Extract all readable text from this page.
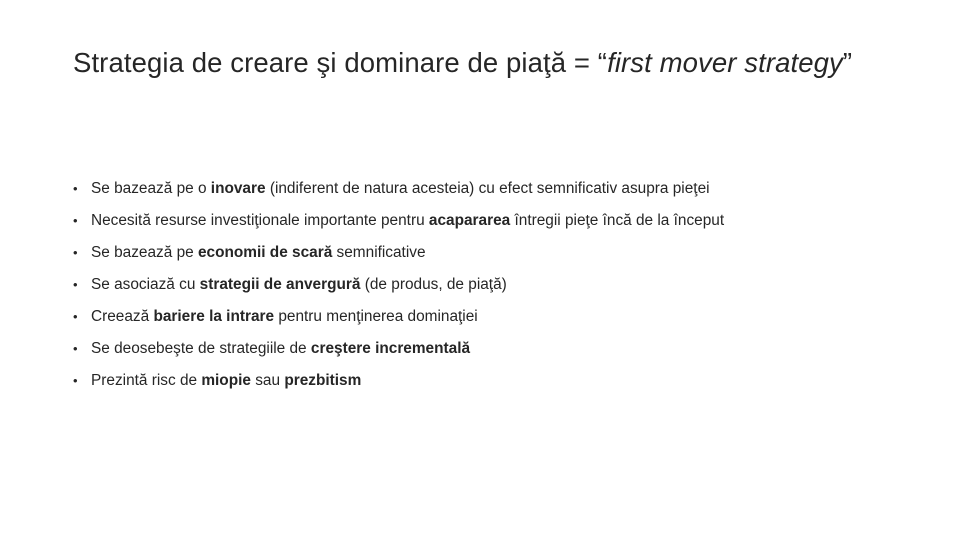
Strategia de creare şi dominare de piaţă = “first mover strategy”
• Se bazează pe o inovare (indiferent de natura acesteia) cu efect semnificativ asupra pieţei
• Necesită resurse investiţionale importante pentru acapararea întregii pieţe încă de la început
• Se bazează pe economii de scară semnificative
• Se asociază cu strategii de anvergură (de produs, de piaţă)
• Creează bariere la intrare pentru menţinerea dominaţiei
• Se deosebeşte de strategiile de creştere incrementală
• Prezintă risc de miopie sau prezbitism
